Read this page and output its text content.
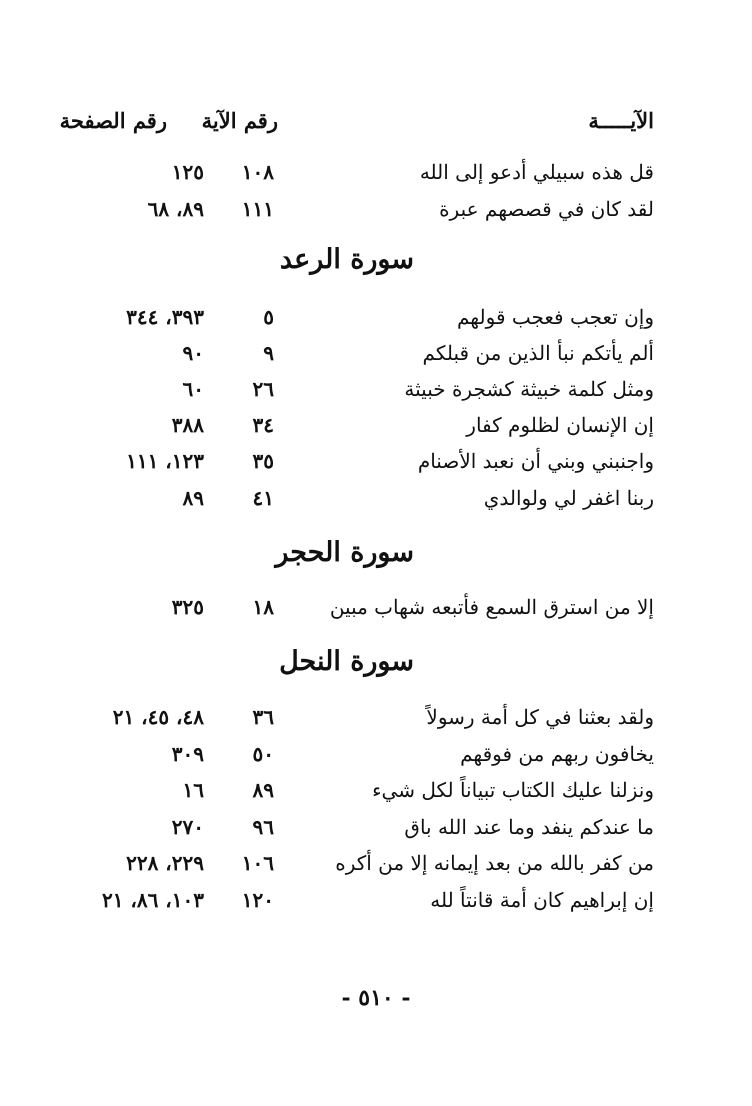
الآيـــــة
رقم الآية
رقم الصفحة
قل هذه سبيلي أدعو إلى الله
١٠٨
١٢٥
لقد كان في قصصهم عبرة
١١١
٨٩، ٦٨
سورة الرعد
وإن تعجب فعجب قولهم
٥
٣٩٣، ٣٤٤
ألم يأتكم نبأ الذين من قبلكم
٩
٩٠
ومثل كلمة خبيثة كشجرة خبيثة
٢٦
٦٠
إن الإنسان لظلوم كفار
٣٤
٣٨٨
واجنبني وبني أن نعبد الأصنام
٣٥
١٢٣، ١١١
ربنا اغفر لي ولوالدي
٤١
٨٩
سورة الحجر
إلا من استرق السمع فأتبعه شهاب مبين
١٨
٣٢٥
سورة النحل
ولقد بعثنا في كل أمة رسولاً
٣٦
٤٨، ٤٥، ٢١
يخافون ربهم من فوقهم
٥٠
٣٠٩
ونزلنا عليك الكتاب تبياناً لكل شيء
٨٩
١٦
ما عندكم ينفد وما عند الله باق
٩٦
٢٧٠
من كفر بالله من بعد إيمانه إلا من أكره
١٠٦
٢٢٩، ٢٢٨
إن إبراهيم كان أمة قانتاً لله
١٢٠
١٠٣، ٨٦، ٢١
- ٥١٠ -
